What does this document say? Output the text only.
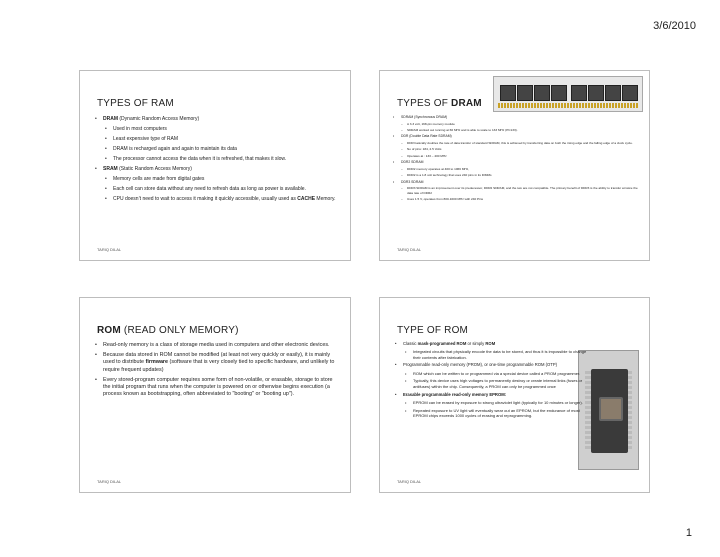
3/6/2010
TYPES OF RAM
• DRAM (Dynamic Random Access Memory)
• Used in most computers
• Least expensive type of RAM
• DRAM is recharged again and again to maintain its data
• The processor cannot access the data when it is refreshed, that makes it slow.
• SRAM (Static Random Access Memory)
• Memory cells are made from digital gates
• Each cell can store data without any need to refresh data as long as power is available.
• CPU doesn’t need to wait to access it making it quickly accessible, usually used as CACHE Memory.
TARIQ DILAL
TYPES OF DRAM
• SDRAM (Synchronous DRAM)
– A 3.3 volt, 168-pin memory module
– SDRAM worked out running at 66 MHz and is able to scale to 133 MHz (PC133).
• DDR (Double Data Rate SDRAM)
– DDR basically doubles the rate of data transfer of standard SDRAM, this is achieved by transferring data on both the rising edge and the falling edge of a clock cycle.
– No of pins: 184, 2.5 Volts
– Operates at : 133 – 400 MHz
• DDR2 SDRAM
– DDR2 memory operates at 400 to 1066 MHz,
– DDR2 is a 1.8 volt technology that uses 240 pins in its DIMMs
• DDR3 SDRAM
– DDR3 SDRAM is an improvement over its predecessor, DDR2 SDRAM, and the two are not compatible. The primary benefit of DDR3 is the ability to transfer at twice the data rate of DDR2
– Uses 1.5 V, operates from 800-1600 MHz with 240 Pins
TARIQ DILAL
ROM (READ ONLY MEMORY)
• Read-only memory is a class of storage media used in computers and other electronic devices.
• Because data stored in ROM cannot be modified (at least not very quickly or easily), it is mainly used to distribute firmware (software that is very closely tied to specific hardware, and unlikely to require frequent updates)
• Every stored-program computer requires some form of non-volatile, or erasable, storage to store the initial program that runs when the computer is powered on or otherwise begins execution (a process known as bootstrapping, often abbreviated to "booting" or "booting up").
TARIQ DILAL
TYPE OF ROM
• Classic mask-programmed ROM or simply ROM
• Integrated circuits that physically encode the data to be stored, and thus it is impossible to change their contents after fabrication.
• Programmable read-only memory (PROM), or one-time programmable ROM (OTP)
• ROM which can be written to or programmed via a special device called a PROM programmer.
• Typically, this device uses high voltages to permanently destroy or create internal links (fuses or antifuses) within the chip. Consequently, a PROM can only be programmed once
• Erasable programmable read-only memory EPROM:
• EPROM can be erased by exposure to strong ultraviolet light (typically for 10 minutes or longer).
• Repeated exposure to UV light will eventually wear out an EPROM, but the endurance of most EPROM chips exceeds 1000 cycles of erasing and reprogramming.
TARIQ DILAL
1
